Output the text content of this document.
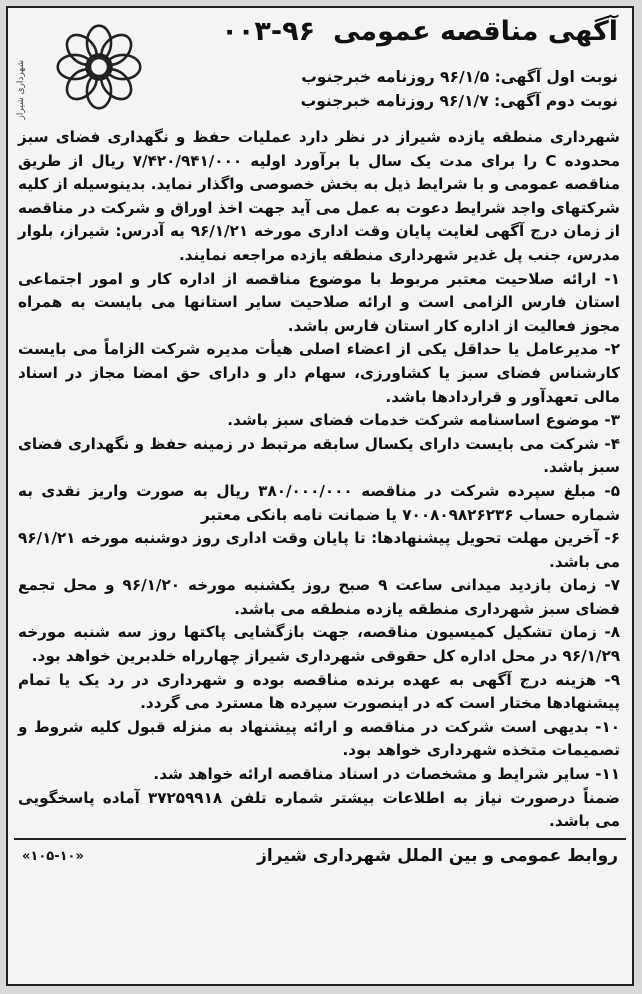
آگهی مناقصه عمومی۹۶-۰۰۳
شهرداری شیراز	نوبت اول آگهی: ۹۶/۱/۵ روزنامه خبرجنوب
نوبت دوم آگهی: ۹۶/۱/۷ روزنامه خبرجنوب

شهرداری منطقه یازده شیراز در نظر دارد عملیات حفظ و نگهداری فضای سبز محدوده C را برای مدت یک سال با برآورد اولیه ۷/۴۲۰/۹۴۱/۰۰۰ ریال از طریق مناقصه عمومی و با شرایط ذیل به بخش خصوصی واگذار نماید. بدینوسیله از کلیه شرکتهای واجد شرایط دعوت به عمل می آید جهت اخذ اوراق و شرکت در مناقصه از زمان درج آگهی لغایت پایان وقت اداری مورخه ۹۶/۱/۲۱ به آدرس: شیراز، بلوار مدرس، جنب پل غدیر شهرداری منطقه یازده مراجعه نمایند.

۱- ارائه صلاحیت معتبر مربوط با موضوع مناقصه از اداره کار و امور اجتماعی استان فارس الزامی است و ارائه صلاحیت سایر استانها می بایست به همراه مجوز فعالیت از اداره کار استان فارس باشد.
۲- مدیرعامل یا حداقل یکی از اعضاء اصلی هیأت مدیره شرکت الزاماً می بایست کارشناس فضای سبز یا کشاورزی، سهام دار و دارای حق امضا مجاز در اسناد مالی تعهدآور و قراردادها باشد.
۳- موضوع اساسنامه شرکت خدمات فضای سبز باشد.
۴- شرکت می بایست دارای یکسال سابقه مرتبط در زمینه حفظ و نگهداری فضای سبز باشد.
۵- مبلغ سپرده شرکت در مناقصه ۳۸۰/۰۰۰/۰۰۰ ریال به صورت واریز نقدی به شماره حساب ۷۰۰۸۰۹۸۲۶۲۳۶ یا ضمانت نامه بانکی معتبر
۶- آخرین مهلت تحویل پیشنهادها: تا پایان وقت اداری روز دوشنبه مورخه ۹۶/۱/۲۱ می باشد.
۷- زمان بازدید میدانی ساعت ۹ صبح روز یکشنبه مورخه ۹۶/۱/۲۰ و محل تجمع فضای سبز شهرداری منطقه یازده منطقه می باشد.
۸- زمان تشکیل کمیسیون مناقصه، جهت بازگشایی پاکتها روز سه شنبه مورخه ۹۶/۱/۲۹ در محل اداره کل حقوقی شهرداری شیراز چهارراه خلدبرین خواهد بود.
۹- هزینه درج آگهی به عهده برنده مناقصه بوده و شهرداری در رد یک یا تمام پیشنهادها مختار است که در اینصورت سپرده ها مسترد می گردد.
۱۰- بدیهی است شرکت در مناقصه و ارائه پیشنهاد به منزله قبول کلیه شروط و تصمیمات متخذه شهرداری خواهد بود.
۱۱- سایر شرایط و مشخصات در اسناد مناقصه ارائه خواهد شد.

ضمناً درصورت نیاز به اطلاعات بیشتر شماره تلفن ۳۷۲۵۹۹۱۸ آماده پاسخگویی می باشد.

روابط عمومی و بین الملل شهرداری شیراز
«۱۰۵-۱۰»
